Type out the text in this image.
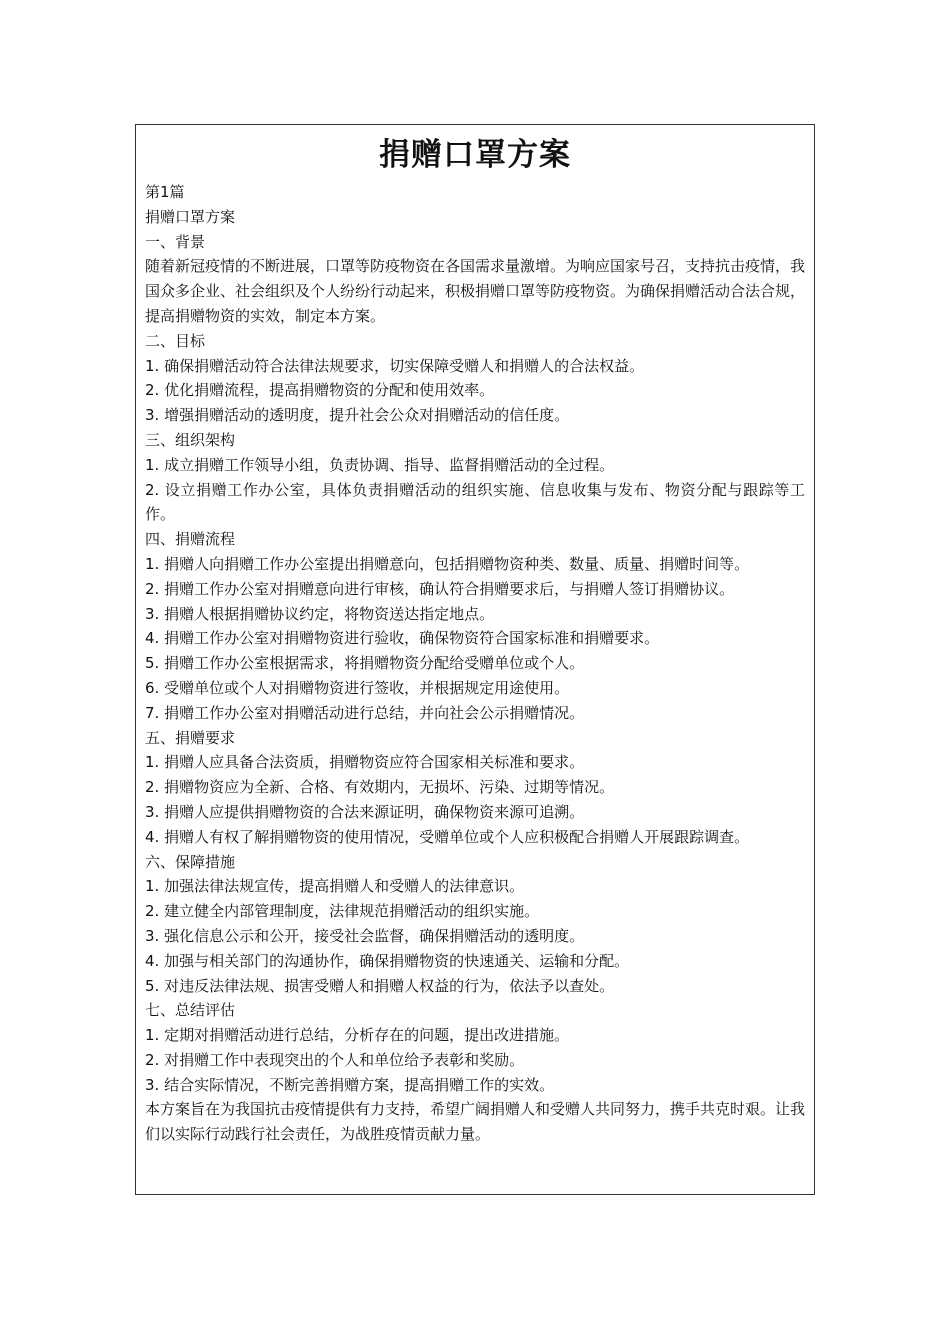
捐赠口罩方案

第1篇

捐赠口罩方案

一、背景

随着新冠疫情的不断进展，口罩等防疫物资在各国需求量激增。为响应国家号召，支持抗击疫情，我国众多企业、社会组织及个人纷纷行动起来，积极捐赠口罩等防疫物资。为确保捐赠活动合法合规，提高捐赠物资的实效，制定本方案。

二、目标

1. 确保捐赠活动符合法律法规要求，切实保障受赠人和捐赠人的合法权益。

2. 优化捐赠流程，提高捐赠物资的分配和使用效率。

3. 增强捐赠活动的透明度，提升社会公众对捐赠活动的信任度。

三、组织架构

1. 成立捐赠工作领导小组，负责协调、指导、监督捐赠活动的全过程。

2. 设立捐赠工作办公室，具体负责捐赠活动的组织实施、信息收集与发布、物资分配与跟踪等工作。

四、捐赠流程

1. 捐赠人向捐赠工作办公室提出捐赠意向，包括捐赠物资种类、数量、质量、捐赠时间等。

2. 捐赠工作办公室对捐赠意向进行审核，确认符合捐赠要求后，与捐赠人签订捐赠协议。

3. 捐赠人根据捐赠协议约定，将物资送达指定地点。

4. 捐赠工作办公室对捐赠物资进行验收，确保物资符合国家标准和捐赠要求。

5. 捐赠工作办公室根据需求，将捐赠物资分配给受赠单位或个人。

6. 受赠单位或个人对捐赠物资进行签收，并根据规定用途使用。

7. 捐赠工作办公室对捐赠活动进行总结，并向社会公示捐赠情况。

五、捐赠要求

1. 捐赠人应具备合法资质，捐赠物资应符合国家相关标准和要求。

2. 捐赠物资应为全新、合格、有效期内，无损坏、污染、过期等情况。

3. 捐赠人应提供捐赠物资的合法来源证明，确保物资来源可追溯。

4. 捐赠人有权了解捐赠物资的使用情况，受赠单位或个人应积极配合捐赠人开展跟踪调查。

六、保障措施

1. 加强法律法规宣传，提高捐赠人和受赠人的法律意识。

2. 建立健全内部管理制度，法律规范捐赠活动的组织实施。

3. 强化信息公示和公开，接受社会监督，确保捐赠活动的透明度。

4. 加强与相关部门的沟通协作，确保捐赠物资的快速通关、运输和分配。

5. 对违反法律法规、损害受赠人和捐赠人权益的行为，依法予以查处。

七、总结评估

1. 定期对捐赠活动进行总结，分析存在的问题，提出改进措施。

2. 对捐赠工作中表现突出的个人和单位给予表彰和奖励。

3. 结合实际情况，不断完善捐赠方案，提高捐赠工作的实效。

本方案旨在为我国抗击疫情提供有力支持，希望广阔捐赠人和受赠人共同努力，携手共克时艰。让我们以实际行动践行社会责任，为战胜疫情贡献力量。
